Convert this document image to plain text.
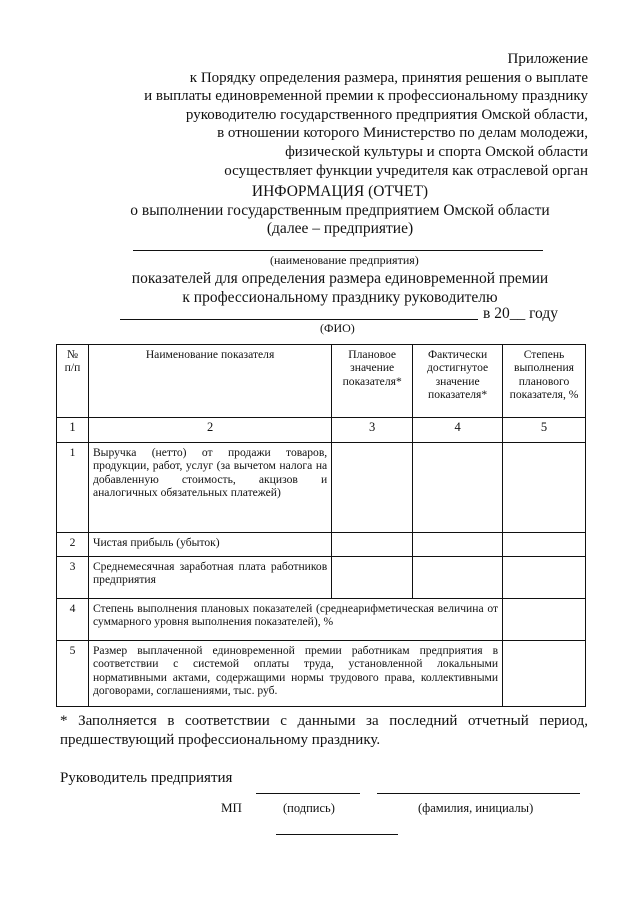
Приложение
к Порядку определения размера, принятия решения о выплате
и выплаты единовременной премии к профессиональному празднику
руководителю государственного предприятия Омской области,
в отношении которого Министерство по делам молодежи,
физической культуры и спорта Омской области
осуществляет функции учредителя как отраслевой орган
ИНФОРМАЦИЯ (ОТЧЕТ)
о выполнении государственным предприятием Омской области
(далее – предприятие)
(наименование предприятия)
показателей для определения размера единовременной премии
к профессиональному празднику руководителю
в 20__ году
(ФИО)
№ п/п	Наименование показателя	Плановое значение показателя*	Фактически достигнутое значение показателя*	Степень выполнения планового показателя, %
1	2	3	4	5
1	Выручка (нетто) от продажи товаров, продукции, работ, услуг (за вычетом налога на добавленную стоимость, акцизов и аналогичных обязательных платежей)			
2	Чистая прибыль (убыток)			
3	Среднемесячная заработная плата работников предприятия			
4	Степень выполнения плановых показателей (среднеарифметическая величина от суммарного уровня выполнения показателей), %			
5	Размер выплаченной единовременной премии работникам предприятия в соответствии с системой оплаты труда, установленной локальными нормативными актами, содержащими нормы трудового права, коллективными договорами, соглашениями, тыс. руб.			
* Заполняется в соответствии с данными за последний отчетный период, предшествующий профессиональному празднику.
Руководитель предприятия
МП	(подпись)	(фамилия, инициалы)
